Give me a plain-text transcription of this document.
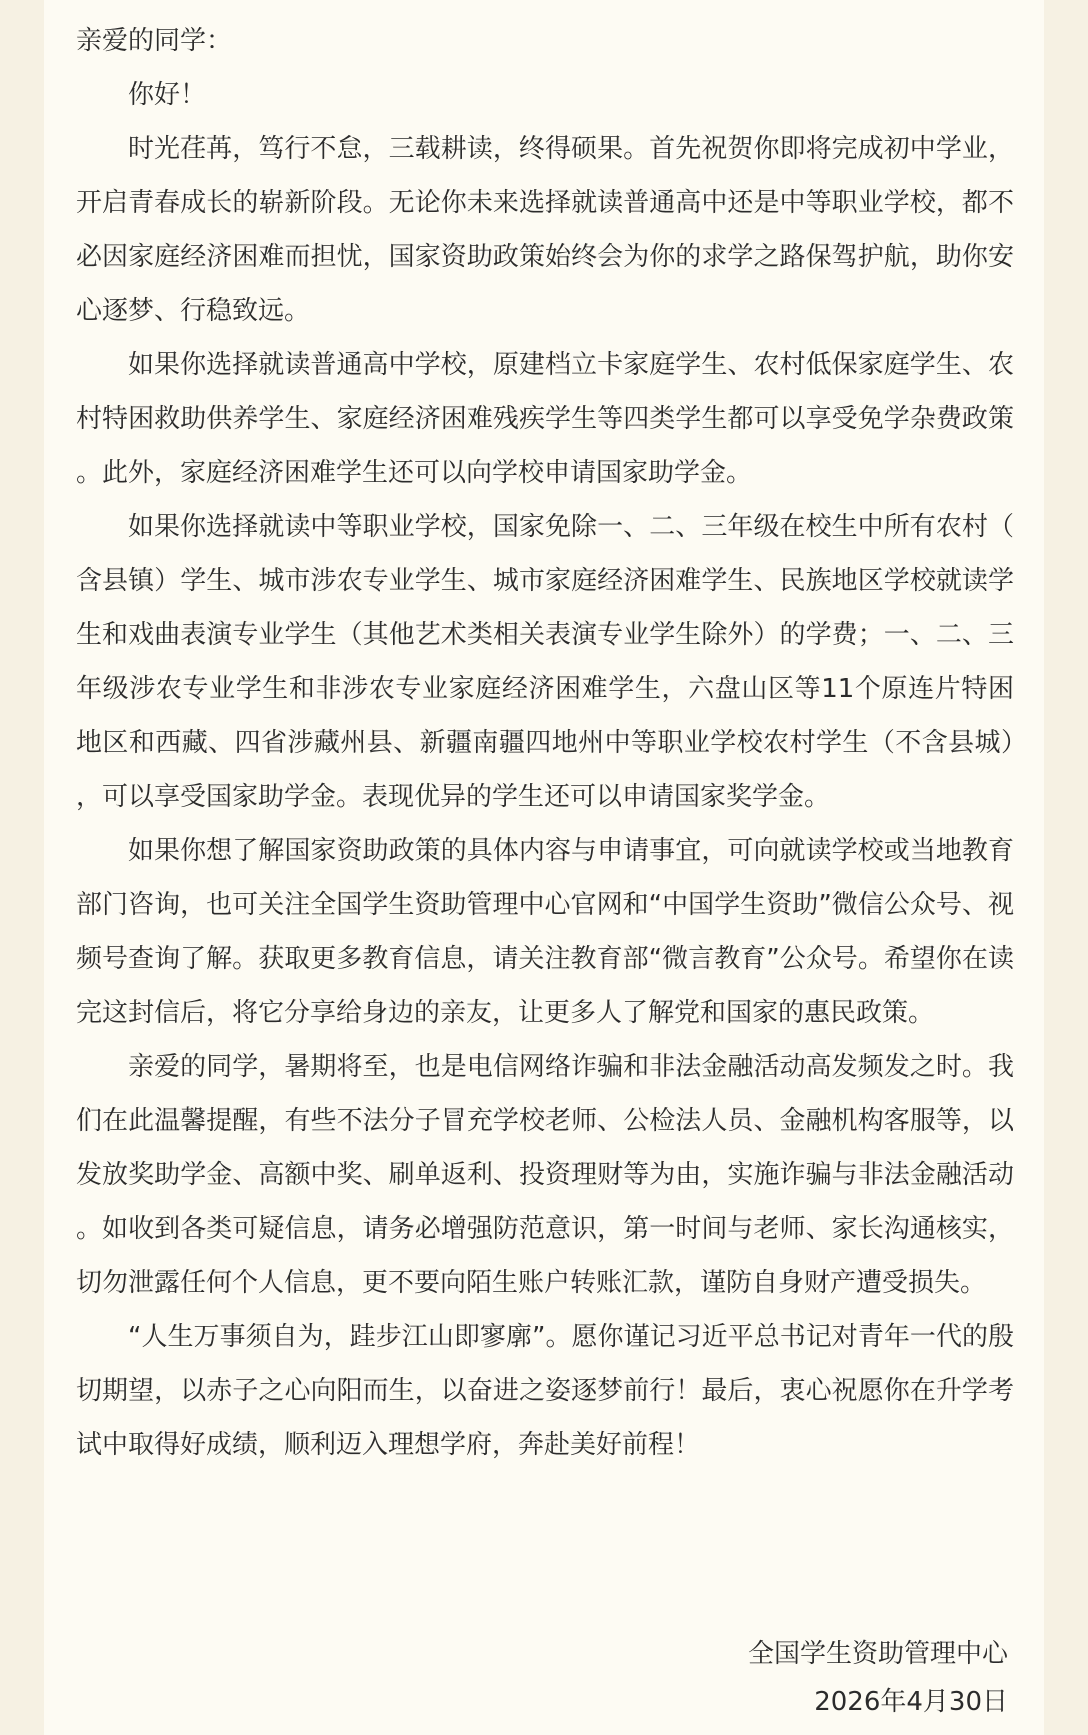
亲爱的同学：

你好！

时光荏苒，笃行不怠，三载耕读，终得硕果。首先祝贺你即将完成初中学业，开启青春成长的崭新阶段。无论你未来选择就读普通高中还是中等职业学校，都不必因家庭经济困难而担忧，国家资助政策始终会为你的求学之路保驾护航，助你安心逐梦、行稳致远。

如果你选择就读普通高中学校，原建档立卡家庭学生、农村低保家庭学生、农村特困救助供养学生、家庭经济困难残疾学生等四类学生都可以享受免学杂费政策。此外，家庭经济困难学生还可以向学校申请国家助学金。

如果你选择就读中等职业学校，国家免除一、二、三年级在校生中所有农村（含县镇）学生、城市涉农专业学生、城市家庭经济困难学生、民族地区学校就读学生和戏曲表演专业学生（其他艺术类相关表演专业学生除外）的学费；一、二、三年级涉农专业学生和非涉农专业家庭经济困难学生，六盘山区等11个原连片特困地区和西藏、四省涉藏州县、新疆南疆四地州中等职业学校农村学生（不含县城），可以享受国家助学金。表现优异的学生还可以申请国家奖学金。

如果你想了解国家资助政策的具体内容与申请事宜，可向就读学校或当地教育部门咨询，也可关注全国学生资助管理中心官网和“中国学生资助”微信公众号、视频号查询了解。获取更多教育信息，请关注教育部“微言教育”公众号。希望你在读完这封信后，将它分享给身边的亲友，让更多人了解党和国家的惠民政策。

亲爱的同学，暑期将至，也是电信网络诈骗和非法金融活动高发频发之时。我们在此温馨提醒，有些不法分子冒充学校老师、公检法人员、金融机构客服等，以发放奖助学金、高额中奖、刷单返利、投资理财等为由，实施诈骗与非法金融活动。如收到各类可疑信息，请务必增强防范意识，第一时间与老师、家长沟通核实，切勿泄露任何个人信息，更不要向陌生账户转账汇款，谨防自身财产遭受损失。

“人生万事须自为，跬步江山即寥廓”。愿你谨记习近平总书记对青年一代的殷切期望，以赤子之心向阳而生，以奋进之姿逐梦前行！最后，衷心祝愿你在升学考试中取得好成绩，顺利迈入理想学府，奔赴美好前程！

全国学生资助管理中心
2026年4月30日
